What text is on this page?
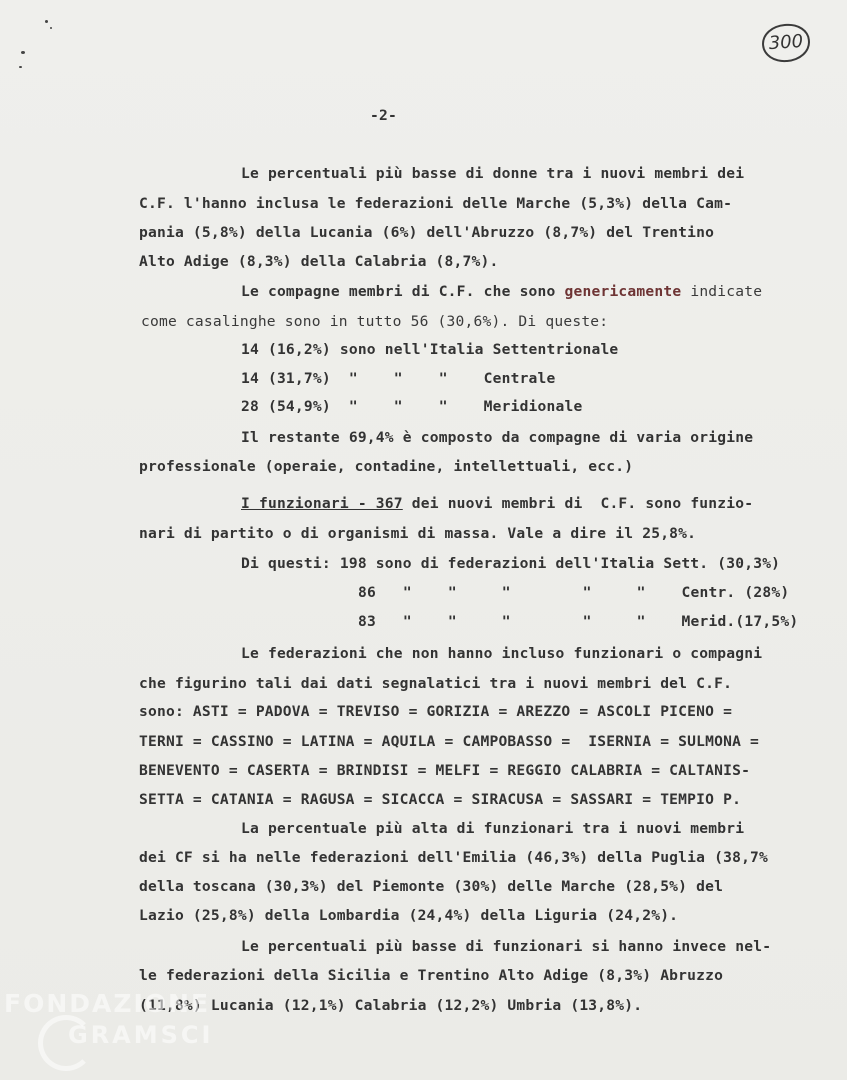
300
-2-
Le percentuali più basse di donne tra i nuovi membri dei
C.F. l'hanno inclusa le federazioni delle Marche (5,3%) della Cam-
pania (5,8%) della Lucania (6%) dell'Abruzzo (8,7%) del Trentino
Alto Adige (8,3%) della Calabria (8,7%).
Le compagne membri di C.F. che sono genericamente indicate
come casalinghe sono in tutto 56 (30,6%). Di queste:
14 (16,2%) sono nell'Italia Settentrionale
14 (31,7%)  "    "    "    Centrale
28 (54,9%)  "    "    "    Meridionale
Il restante 69,4% è composto da compagne di varia origine
professionale (operaie, contadine, intellettuali, ecc.)
I funzionari - 367 dei nuovi membri di  C.F. sono funzio-
nari di partito o di organismi di massa. Vale a dire il 25,8%.
Di questi: 198 sono di federazioni dell'Italia Sett. (30,3%)
86   "    "     "        "     "    Centr. (28%)
83   "    "     "        "     "    Merid.(17,5%)
Le federazioni che non hanno incluso funzionari o compagni
che figurino tali dai dati segnalatici tra i nuovi membri del C.F.
sono: ASTI = PADOVA = TREVISO = GORIZIA = AREZZO = ASCOLI PICENO =
TERNI = CASSINO = LATINA = AQUILA = CAMPOBASSO =  ISERNIA = SULMONA =
BENEVENTO = CASERTA = BRINDISI = MELFI = REGGIO CALABRIA = CALTANIS-
SETTA = CATANIA = RAGUSA = SICACCA = SIRACUSA = SASSARI = TEMPIO P.
La percentuale più alta di funzionari tra i nuovi membri
dei CF si ha nelle federazioni dell'Emilia (46,3%) della Puglia (38,7%
della toscana (30,3%) del Piemonte (30%) delle Marche (28,5%) del
Lazio (25,8%) della Lombardia (24,4%) della Liguria (24,2%).
Le percentuali più basse di funzionari si hanno invece nel-
le federazioni della Sicilia e Trentino Alto Adige (8,3%) Abruzzo
(11,8%) Lucania (12,1%) Calabria (12,2%) Umbria (13,8%).
FONDAZIONE
GRAMSCI
